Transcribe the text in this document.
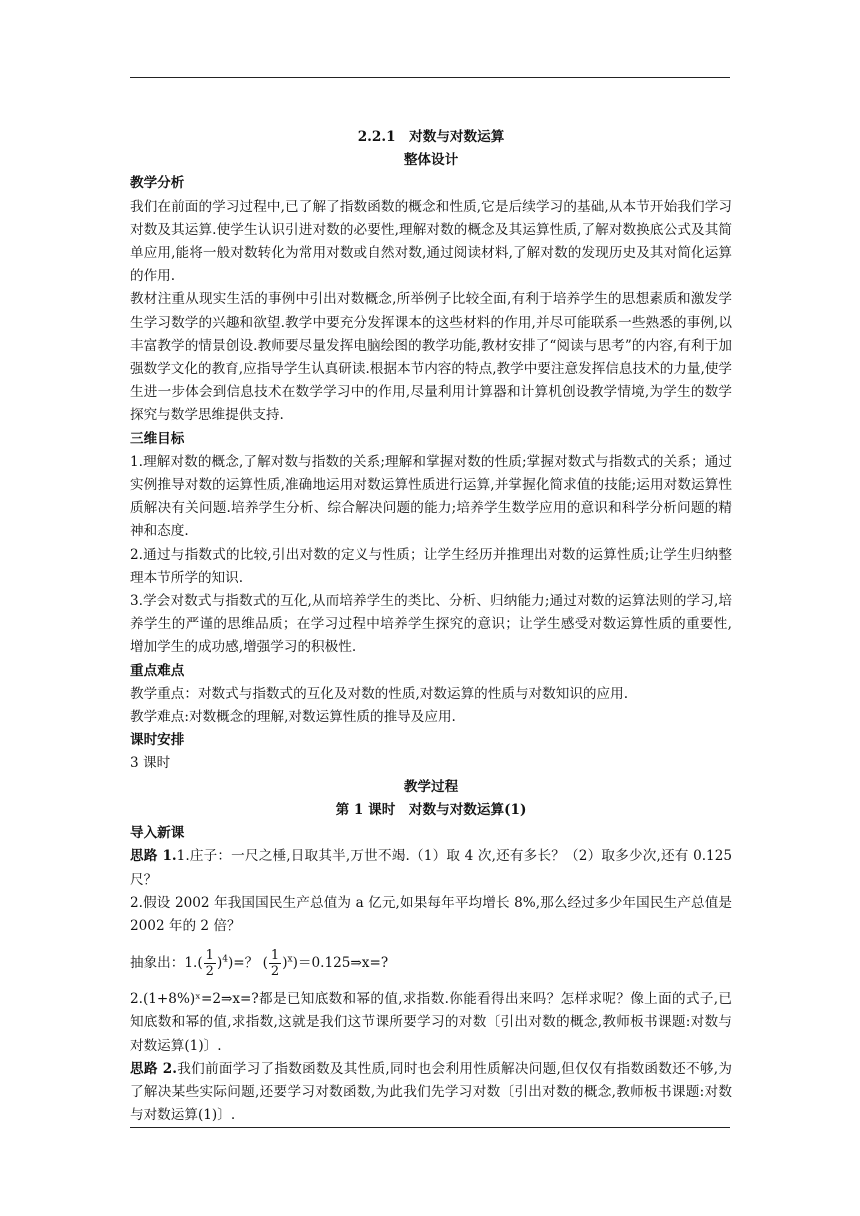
2.2.1　对数与对数运算
整体设计
教学分析

我们在前面的学习过程中,已了解了指数函数的概念和性质,它是后续学习的基础,从本节开始我们学习对数及其运算.使学生认识引进对数的必要性,理解对数的概念及其运算性质,了解对数换底公式及其简单应用,能将一般对数转化为常用对数或自然对数,通过阅读材料,了解对数的发现历史及其对简化运算的作用.

教材注重从现实生活的事例中引出对数概念,所举例子比较全面,有利于培养学生的思想素质和激发学生学习数学的兴趣和欲望.教学中要充分发挥课本的这些材料的作用,并尽可能联系一些熟悉的事例,以丰富教学的情景创设.教师要尽量发挥电脑绘图的教学功能,教材安排了“阅读与思考”的内容,有利于加强数学文化的教育,应指导学生认真研读.根据本节内容的特点,教学中要注意发挥信息技术的力量,使学生进一步体会到信息技术在数学学习中的作用,尽量利用计算器和计算机创设教学情境,为学生的数学探究与数学思维提供支持.

三维目标

1.理解对数的概念,了解对数与指数的关系;理解和掌握对数的性质;掌握对数式与指数式的关系；通过实例推导对数的运算性质,准确地运用对数运算性质进行运算,并掌握化简求值的技能;运用对数运算性质解决有关问题.培养学生分析、综合解决问题的能力;培养学生数学应用的意识和科学分析问题的精神和态度.

2.通过与指数式的比较,引出对数的定义与性质；让学生经历并推理出对数的运算性质;让学生归纳整理本节所学的知识.

3.学会对数式与指数式的互化,从而培养学生的类比、分析、归纳能力;通过对数的运算法则的学习,培养学生的严谨的思维品质；在学习过程中培养学生探究的意识；让学生感受对数运算性质的重要性,增加学生的成功感,增强学习的积极性.

重点难点

教学重点：对数式与指数式的互化及对数的性质,对数运算的性质与对数知识的应用.

教学难点:对数概念的理解,对数运算性质的推导及应用.

课时安排

3 课时

教学过程
第 1 课时　对数与对数运算(1)
导入新课

思路 1.1.庄子：一尺之棰,日取其半,万世不竭.（1）取 4 次,还有多长？（2）取多少次,还有 0.125 尺？

2.假设 2002 年我国国民生产总值为 a 亿元,如果每年平均增长 8%,那么经过多少年国民生产总值是 2002 年的 2 倍？

抽象出：$1.( \frac{1}{2} )^4$ )=？ ( $\frac{1}{2} )^x$ )＝0.125⇒x=?

2.(1+8%)ˣ=2⇒x=?都是已知底数和幂的值,求指数.你能看得出来吗？怎样求呢？像上面的式子,已知底数和幂的值,求指数,这就是我们这节课所要学习的对数〔引出对数的概念,教师板书课题:对数与对数运算(1)〕.

思路 2.我们前面学习了指数函数及其性质,同时也会利用性质解决问题,但仅仅有指数函数还不够,为了解决某些实际问题,还要学习对数函数,为此我们先学习对数〔引出对数的概念,教师板书课题:对数与对数运算(1)〕.
